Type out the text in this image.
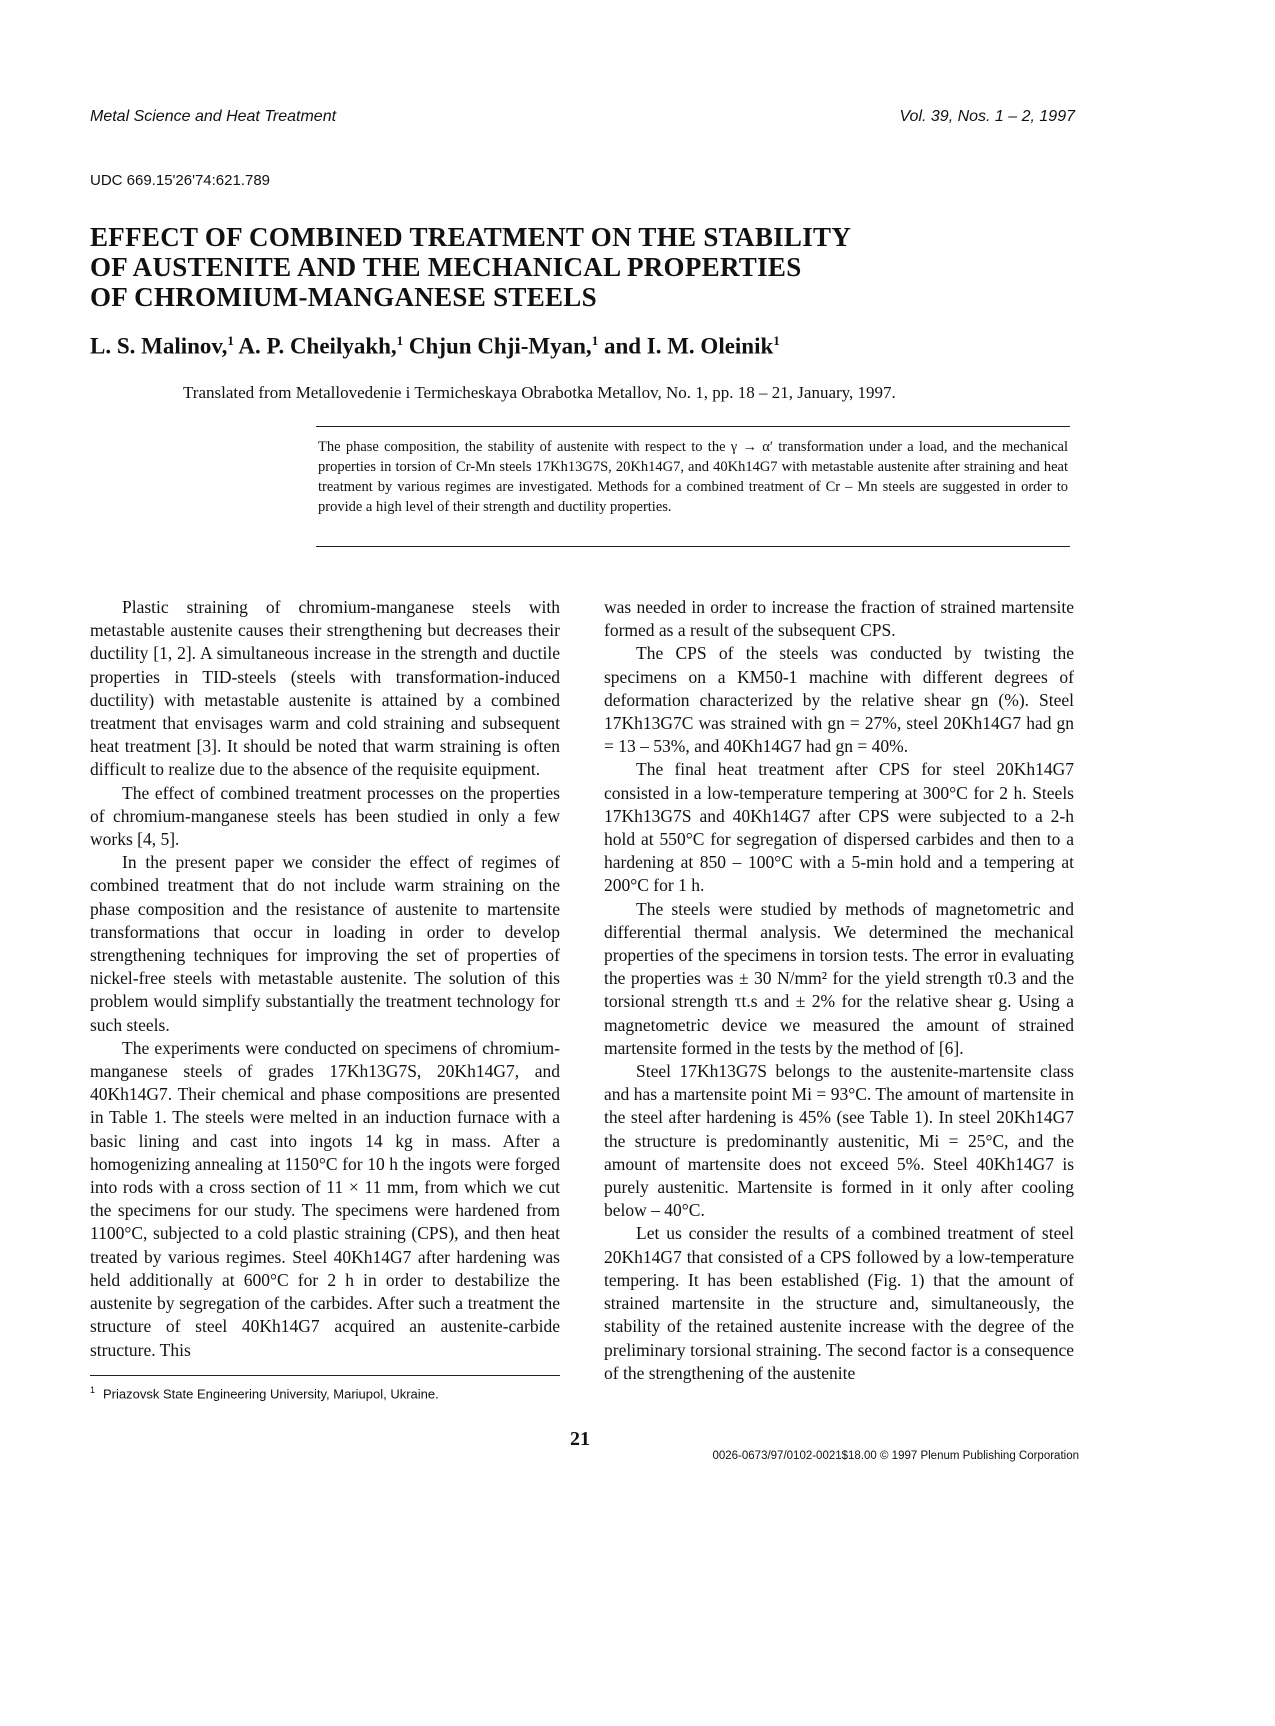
Metal Science and Heat Treatment	Vol. 39, Nos. 1 – 2, 1997
UDC 669.15'26'74:621.789
EFFECT OF COMBINED TREATMENT ON THE STABILITY
OF AUSTENITE AND THE MECHANICAL PROPERTIES
OF CHROMIUM-MANGANESE STEELS
L. S. Malinov,$^1$ A. P. Cheilyakh,$^1$ Chjun Chji-Myan,$^1$ and I. M. Oleinik$^1$
Translated from Metallovedenie i Termicheskaya Obrabotka Metallov, No. 1, pp. 18 – 21, January, 1997.
The phase composition, the stability of austenite with respect to the γ → α′ transformation under a load, and the mechanical properties in torsion of Cr-Mn steels 17Kh13G7S, 20Kh14G7, and 40Kh14G7 with metastable austenite after straining and heat treatment by various regimes are investigated. Methods for a combined treatment of Cr – Mn steels are suggested in order to provide a high level of their strength and ductility properties.

Plastic straining of chromium-manganese steels with metastable austenite causes their strengthening but decreases their ductility [1, 2]. A simultaneous increase in the strength and ductile properties in TID-steels (steels with transformation-induced ductility) with metastable austenite is attained by a combined treatment that envisages warm and cold straining and subsequent heat treatment [3]. It should be noted that warm straining is often difficult to realize due to the absence of the requisite equipment.

The effect of combined treatment processes on the properties of chromium-manganese steels has been studied in only a few works [4, 5].

In the present paper we consider the effect of regimes of combined treatment that do not include warm straining on the phase composition and the resistance of austenite to martensite transformations that occur in loading in order to develop strengthening techniques for improving the set of properties of nickel-free steels with metastable austenite. The solution of this problem would simplify substantially the treatment technology for such steels.

The experiments were conducted on specimens of chromium-manganese steels of grades 17Kh13G7S, 20Kh14G7, and 40Kh14G7. Their chemical and phase compositions are presented in Table 1. The steels were melted in an induction furnace with a basic lining and cast into ingots 14 kg in mass. After a homogenizing annealing at 1150°C for 10 h the ingots were forged into rods with a cross section of 11 × 11 mm, from which we cut the specimens for our study. The specimens were hardened from 1100°C, subjected to a cold plastic straining (CPS), and then heat treated by various regimes. Steel 40Kh14G7 after hardening was held additionally at 600°C for 2 h in order to destabilize the austenite by segregation of the carbides. After such a treatment the structure of steel 40Kh14G7 acquired an austenite-carbide structure. This

was needed in order to increase the fraction of strained martensite formed as a result of the subsequent CPS.

The CPS of the steels was conducted by twisting the specimens on a KM50-1 machine with different degrees of deformation characterized by the relative shear gn (%). Steel 17Kh13G7C was strained with gn = 27%, steel 20Kh14G7 had gn = 13 – 53%, and 40Kh14G7 had gn = 40%.

The final heat treatment after CPS for steel 20Kh14G7 consisted in a low-temperature tempering at 300°C for 2 h. Steels 17Kh13G7S and 40Kh14G7 after CPS were subjected to a 2-h hold at 550°C for segregation of dispersed carbides and then to a hardening at 850 – 100°C with a 5-min hold and a tempering at 200°C for 1 h.

The steels were studied by methods of magnetometric and differential thermal analysis. We determined the mechanical properties of the specimens in torsion tests. The error in evaluating the properties was ± 30 N/mm² for the yield strength τ0.3 and the torsional strength τt.s and ± 2% for the relative shear g. Using a magnetometric device we measured the amount of strained martensite formed in the tests by the method of [6].

Steel 17Kh13G7S belongs to the austenite-martensite class and has a martensite point Mi = 93°C. The amount of martensite in the steel after hardening is 45% (see Table 1). In steel 20Kh14G7 the structure is predominantly austenitic, Mi = 25°C, and the amount of martensite does not exceed 5%. Steel 40Kh14G7 is purely austenitic. Martensite is formed in it only after cooling below – 40°C.

Let us consider the results of a combined treatment of steel 20Kh14G7 that consisted of a CPS followed by a low-temperature tempering. It has been established (Fig. 1) that the amount of strained martensite in the structure and, simultaneously, the stability of the retained austenite increase with the degree of the preliminary torsional straining. The second factor is a consequence of the strengthening of the austenite

$^1$ Priazovsk State Engineering University, Mariupol, Ukraine.
21
0026-0673/97/0102-0021$18.00 © 1997 Plenum Publishing Corporation
